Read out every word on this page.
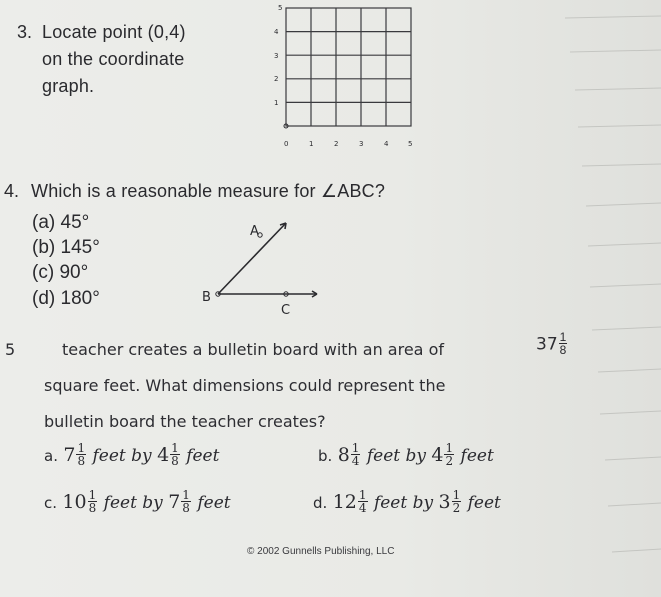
3. Locate point (0,4)
on the coordinate
graph.
0	1	2	3	4	5
1
2
3
4
5
4. Which is a reasonable measure for ∠ABC?
(a) 45°
(b) 145°
(c) 90°
(d) 180°
A
B
C
5	teacher creates a bulletin board with an area of	$37 \frac{1}{8}$
square feet. What dimensions could represent the
bulletin board the teacher creates?
a. $7 \frac{1}{8}$ feet by $4 \frac{1}{8}$ feet	b. $8 \frac{1}{4}$ feet by $4 \frac{1}{2}$ feet
c. $10 \frac{1}{8}$ feet by $7 \frac{1}{8}$ feet	d. $12 \frac{1}{4}$ feet by $3 \frac{1}{2}$ feet
© 2002 Gunnells Publishing, LLC
